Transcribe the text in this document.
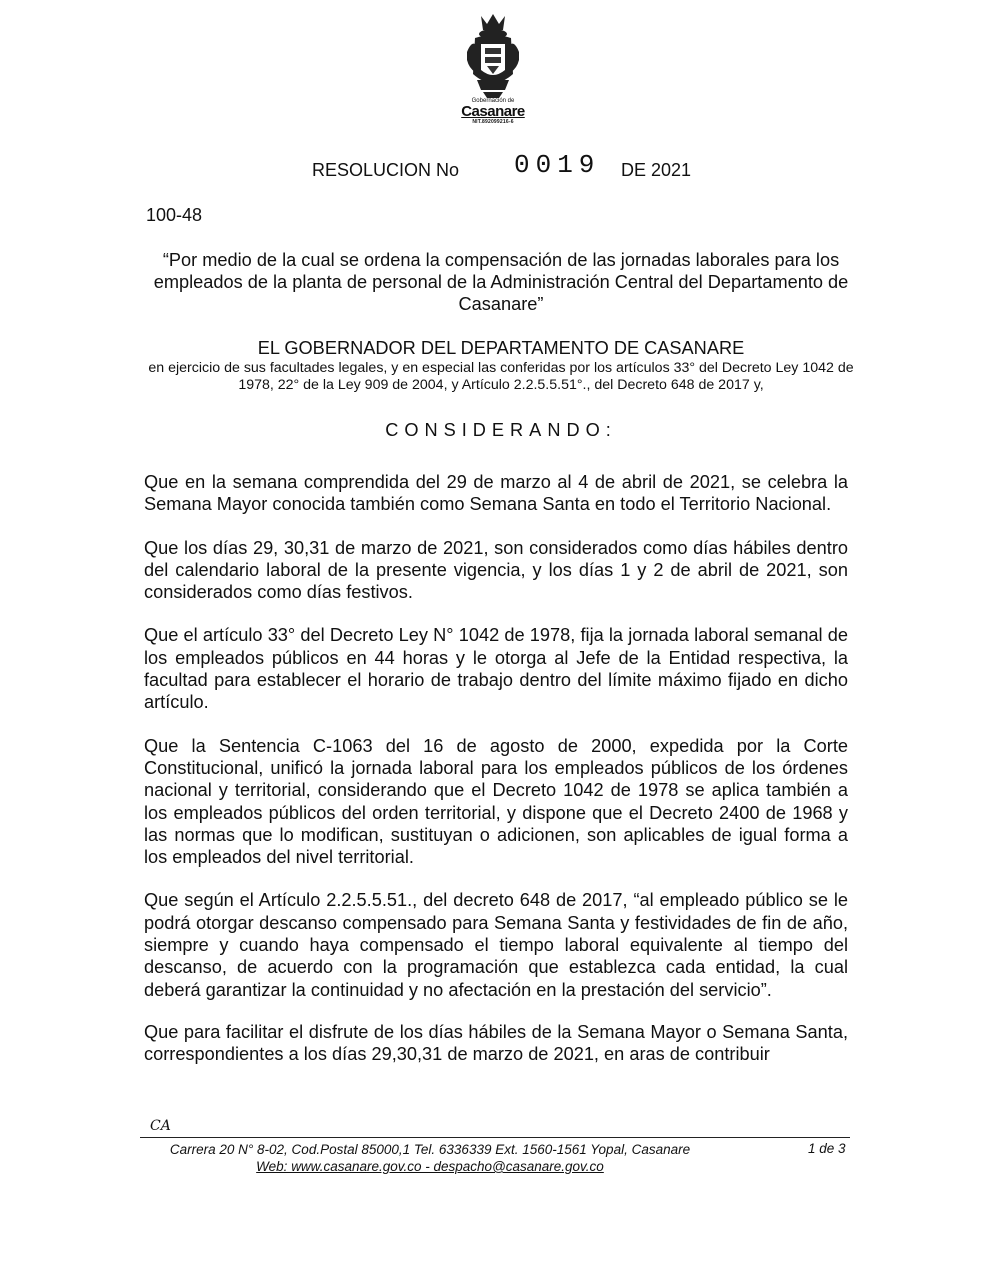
Gobernación de
Casanare
NIT.892099216-6
RESOLUCION No 0019 DE 2021
100-48
“Por medio de la cual se ordena la compensación de las jornadas laborales para los empleados de la planta de personal de la Administración Central del Departamento de Casanare”
EL GOBERNADOR DEL DEPARTAMENTO DE CASANARE
en ejercicio de sus facultades legales, y en especial las conferidas por los artículos 33° del Decreto Ley 1042 de 1978, 22° de la Ley 909 de 2004, y Artículo 2.2.5.5.51°., del Decreto 648 de 2017 y,
CONSIDERANDO:

Que en la semana comprendida del 29 de marzo al 4 de abril de 2021, se celebra la Semana Mayor conocida también como Semana Santa en todo el Territorio Nacional.

Que los días 29, 30,31 de marzo de 2021, son considerados como días hábiles dentro del calendario laboral de la presente vigencia, y los días 1 y 2 de abril de 2021, son considerados como días festivos.

Que el artículo 33° del Decreto Ley N° 1042 de 1978, fija la jornada laboral semanal de los empleados públicos en 44 horas y le otorga al Jefe de la Entidad respectiva, la facultad para establecer el horario de trabajo dentro del límite máximo fijado en dicho artículo.

Que la Sentencia C-1063 del 16 de agosto de 2000, expedida por la Corte Constitucional, unificó la jornada laboral para los empleados públicos de los órdenes nacional y territorial, considerando que el Decreto 1042 de 1978 se aplica también a los empleados públicos del orden territorial, y dispone que el Decreto 2400 de 1968 y las normas que lo modifican, sustituyan o adicionen, son aplicables de igual forma a los empleados del nivel territorial.

Que según el Artículo 2.2.5.5.51., del decreto 648 de 2017, “al empleado público se le podrá otorgar descanso compensado para Semana Santa y festividades de fin de año, siempre y cuando haya compensado el tiempo laboral equivalente al tiempo del descanso, de acuerdo con la programación que establezca cada entidad, la cual deberá garantizar la continuidad y no afectación en la prestación del servicio”.

Que para facilitar el disfrute de los días hábiles de la Semana Mayor o Semana Santa, correspondientes a los días 29,30,31 de marzo de 2021, en aras de contribuir

CA
Carrera 20 N° 8-02, Cod.Postal 85000,1 Tel. 6336339 Ext. 1560-1561 Yopal, Casanare
Web: www.casanare.gov.co - despacho@casanare.gov.co
1 de 3
